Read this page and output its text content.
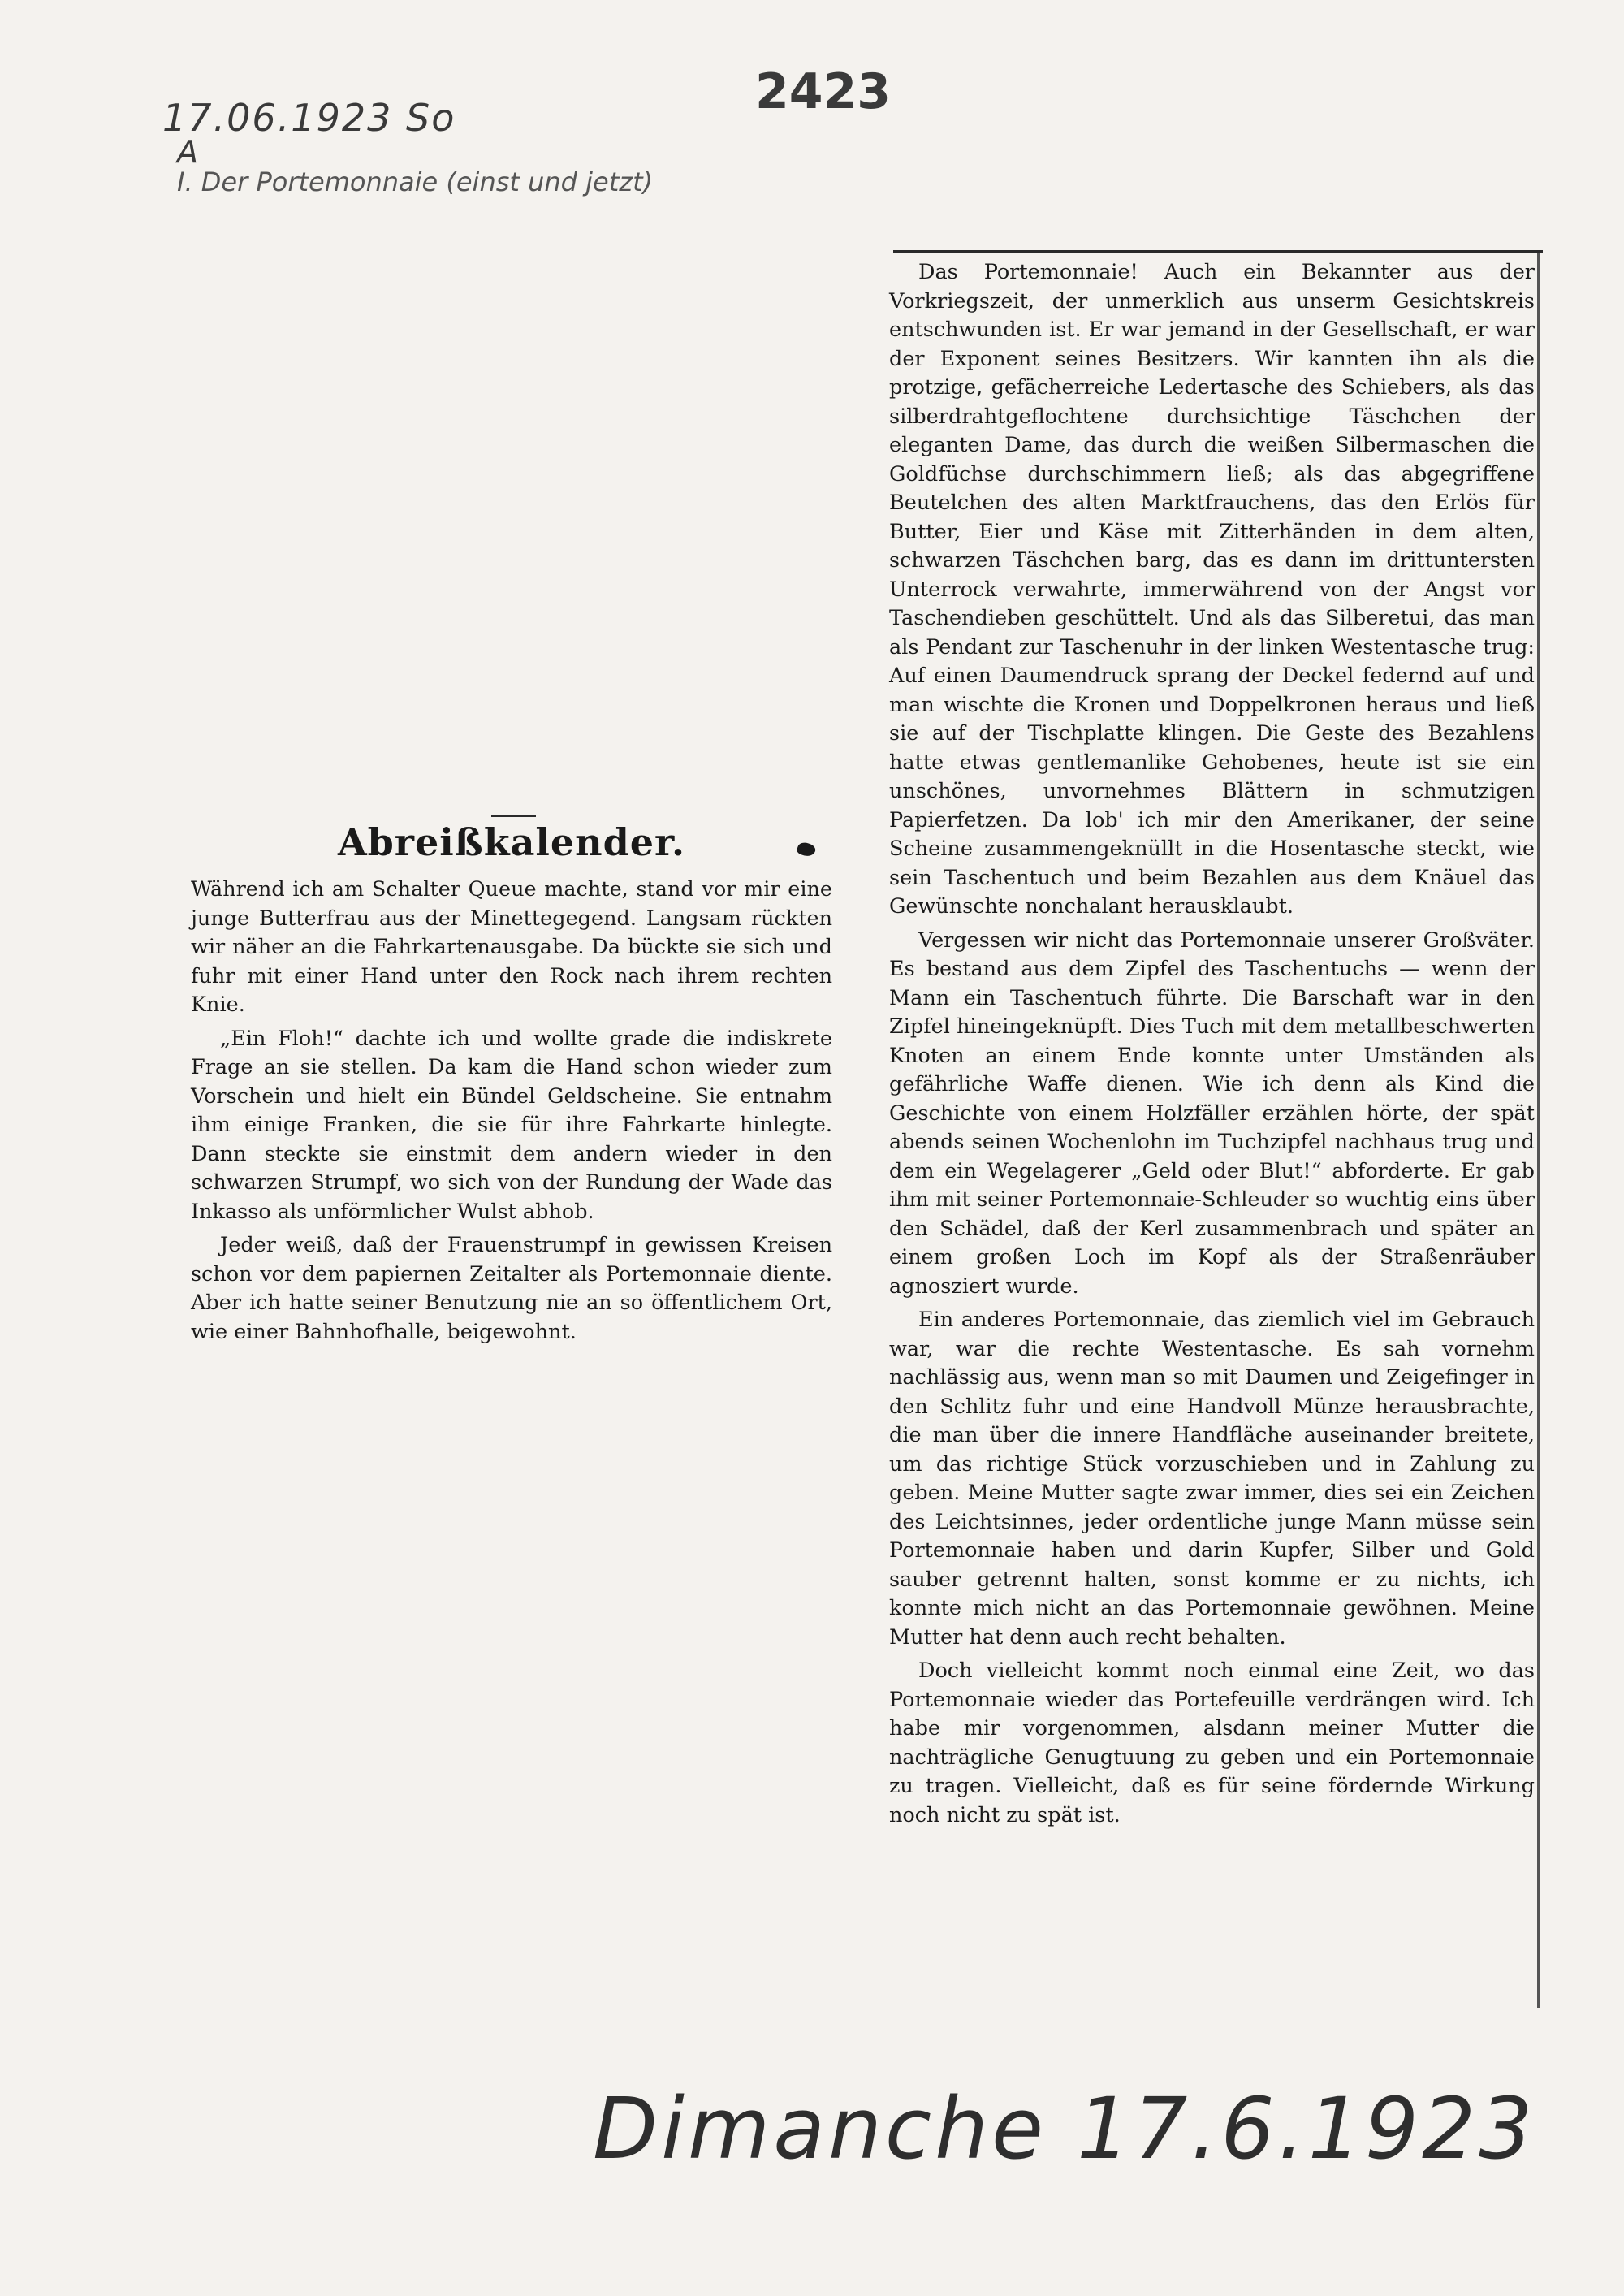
17.06.1923 So	2423
A
I. Der Portemonnaie (einst und jetzt)
Abreißkalender.

Während ich am Schalter Queue machte, stand vor mir eine junge Butterfrau aus der Minettegegend. Langsam rückten wir näher an die Fahrkartenausgabe. Da bückte sie sich und fuhr mit einer Hand unter den Rock nach ihrem rechten Knie.

„Ein Floh!“ dachte ich und wollte grade die indiskrete Frage an sie stellen. Da kam die Hand schon wieder zum Vorschein und hielt ein Bündel Geldscheine. Sie entnahm ihm einige Franken, die sie für ihre Fahrkarte hinlegte. Dann steckte sie einstmit dem andern wieder in den schwarzen Strumpf, wo sich von der Rundung der Wade das Inkasso als unförmlicher Wulst abhob.

Jeder weiß, daß der Frauenstrumpf in gewissen Kreisen schon vor dem papiernen Zeitalter als Portemonnaie diente. Aber ich hatte seiner Benutzung nie an so öffentlichem Ort, wie einer Bahnhofhalle, beigewohnt.

Das Portemonnaie! Auch ein Bekannter aus der Vorkriegszeit, der unmerklich aus unserm Gesichtskreis entschwunden ist. Er war jemand in der Gesellschaft, er war der Exponent seines Besitzers. Wir kannten ihn als die protzige, gefächerreiche Ledertasche des Schiebers, als das silberdrahtgeflochtene durchsichtige Täschchen der eleganten Dame, das durch die weißen Silbermaschen die Goldfüchse durchschimmern ließ; als das abgegriffene Beutelchen des alten Marktfrauchens, das den Erlös für Butter, Eier und Käse mit Zitterhänden in dem alten, schwarzen Täschchen barg, das es dann im drittuntersten Unterrock verwahrte, immerwährend von der Angst vor Taschendieben geschüttelt. Und als das Silberetui, das man als Pendant zur Taschenuhr in der linken Westentasche trug: Auf einen Daumendruck sprang der Deckel federnd auf und man wischte die Kronen und Doppelkronen heraus und ließ sie auf der Tischplatte klingen. Die Geste des Bezahlens hatte etwas gentlemanlike Gehobenes, heute ist sie ein unschönes, unvornehmes Blättern in schmutzigen Papierfetzen. Da lob' ich mir den Amerikaner, der seine Scheine zusammengeknüllt in die Hosentasche steckt, wie sein Taschentuch und beim Bezahlen aus dem Knäuel das Gewünschte nonchalant herausklaubt.

Vergessen wir nicht das Portemonnaie unserer Großväter. Es bestand aus dem Zipfel des Taschentuchs — wenn der Mann ein Taschentuch führte. Die Barschaft war in den Zipfel hineingeknüpft. Dies Tuch mit dem metallbeschwerten Knoten an einem Ende konnte unter Umständen als gefährliche Waffe dienen. Wie ich denn als Kind die Geschichte von einem Holzfäller erzählen hörte, der spät abends seinen Wochenlohn im Tuchzipfel nachhaus trug und dem ein Wegelagerer „Geld oder Blut!“ abforderte. Er gab ihm mit seiner Portemonnaie-Schleuder so wuchtig eins über den Schädel, daß der Kerl zusammenbrach und später an einem großen Loch im Kopf als der Straßenräuber agnosziert wurde.

Ein anderes Portemonnaie, das ziemlich viel im Gebrauch war, war die rechte Westentasche. Es sah vornehm nachlässig aus, wenn man so mit Daumen und Zeigefinger in den Schlitz fuhr und eine Handvoll Münze herausbrachte, die man über die innere Handfläche auseinander breitete, um das richtige Stück vorzuschieben und in Zahlung zu geben. Meine Mutter sagte zwar immer, dies sei ein Zeichen des Leichtsinnes, jeder ordentliche junge Mann müsse sein Portemonnaie haben und darin Kupfer, Silber und Gold sauber getrennt halten, sonst komme er zu nichts, ich konnte mich nicht an das Portemonnaie gewöhnen. Meine Mutter hat denn auch recht behalten.

Doch vielleicht kommt noch einmal eine Zeit, wo das Portemonnaie wieder das Portefeuille verdrängen wird. Ich habe mir vorgenommen, alsdann meiner Mutter die nachträgliche Genugtuung zu geben und ein Portemonnaie zu tragen. Vielleicht, daß es für seine fördernde Wirkung noch nicht zu spät ist.

Dimanche 17.6.1923
